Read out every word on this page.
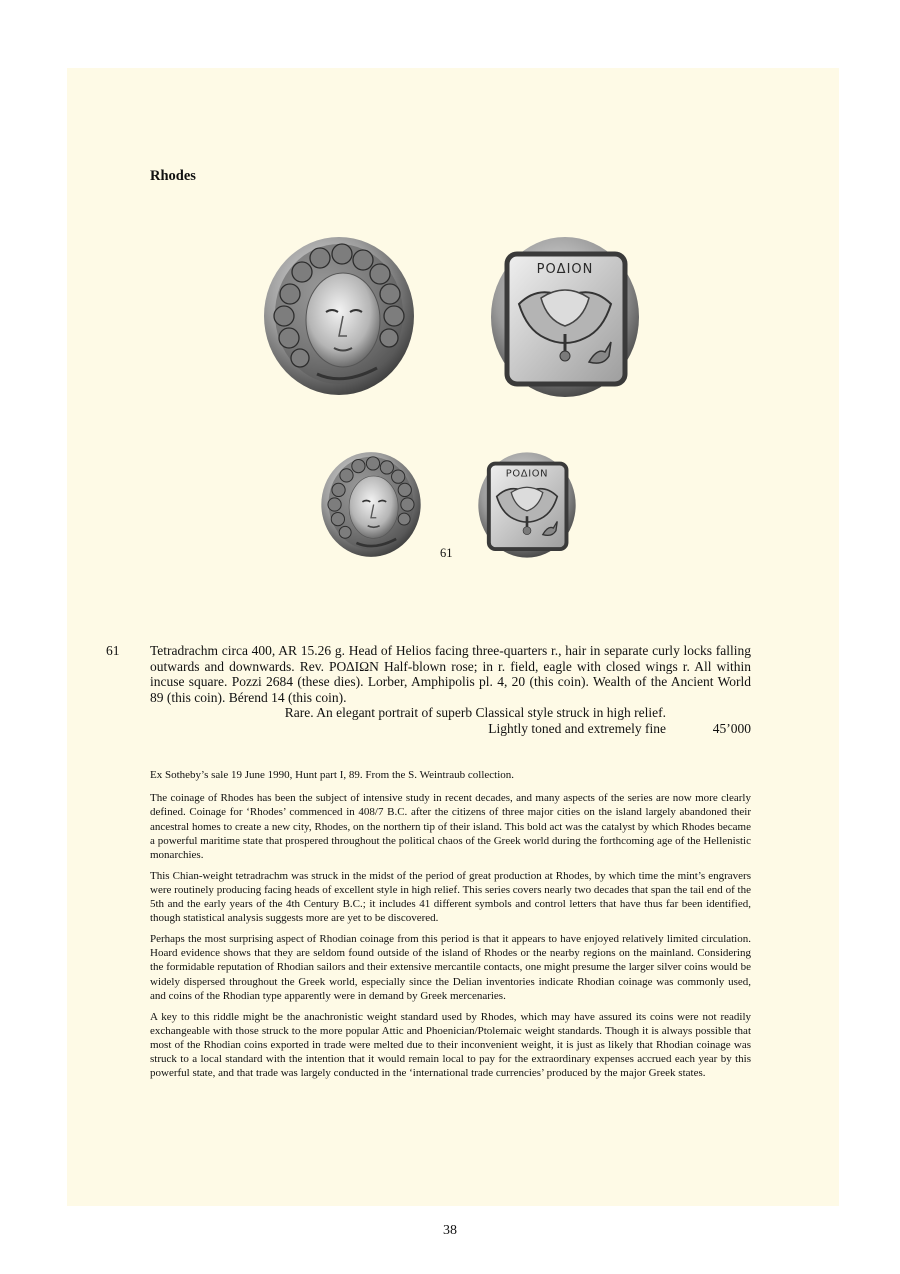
Rhodes
ΡΟΔΙΟΝ
ΡΟΔΙΟΝ
61
61 Tetradrachm circa 400, AR 15.26 g. Head of Helios facing three-quarters r., hair in separate curly locks falling outwards and downwards. Rev. ΡΟΔΙΩΝ Half-blown rose; in r. field, eagle with closed wings r. All within incuse square. Pozzi 2684 (these dies). Lorber, Amphipolis pl. 4, 20 (this coin). Wealth of the Ancient World 89 (this coin). Bérend 14 (this coin).
Rare. An elegant portrait of superb Classical style struck in high relief.
Lightly toned and extremely fine	45’000

Ex Sotheby’s sale 19 June 1990, Hunt part I, 89. From the S. Weintraub collection.

The coinage of Rhodes has been the subject of intensive study in recent decades, and many aspects of the series are now more clearly defined. Coinage for ‘Rhodes’ commenced in 408/7 B.C. after the citizens of three major cities on the island largely abandoned their ancestral homes to create a new city, Rhodes, on the northern tip of their island. This bold act was the catalyst by which Rhodes became a powerful maritime state that prospered throughout the political chaos of the Greek world during the forthcoming age of the Hellenistic monarchies.

This Chian-weight tetradrachm was struck in the midst of the period of great production at Rhodes, by which time the mint’s engravers were routinely producing facing heads of excellent style in high relief. This series covers nearly two decades that span the tail end of the 5th and the early years of the 4th Century B.C.; it includes 41 different symbols and control letters that have thus far been identified, though statistical analysis suggests more are yet to be discovered.

Perhaps the most surprising aspect of Rhodian coinage from this period is that it appears to have enjoyed relatively limited circulation. Hoard evidence shows that they are seldom found outside of the island of Rhodes or the nearby regions on the mainland. Considering the formidable reputation of Rhodian sailors and their extensive mercantile contacts, one might presume the larger silver coins would be widely dispersed throughout the Greek world, especially since the Delian inventories indicate Rhodian coinage was commonly used, and coins of the Rhodian type apparently were in demand by Greek mercenaries.

A key to this riddle might be the anachronistic weight standard used by Rhodes, which may have assured its coins were not readily exchangeable with those struck to the more popular Attic and Phoenician/Ptolemaic weight standards. Though it is always possible that most of the Rhodian coins exported in trade were melted due to their inconvenient weight, it is just as likely that Rhodian coinage was struck to a local standard with the intention that it would remain local to pay for the extraordinary expenses accrued each year by this powerful state, and that trade was largely conducted in the ‘international trade currencies’ produced by the major Greek states.

38
